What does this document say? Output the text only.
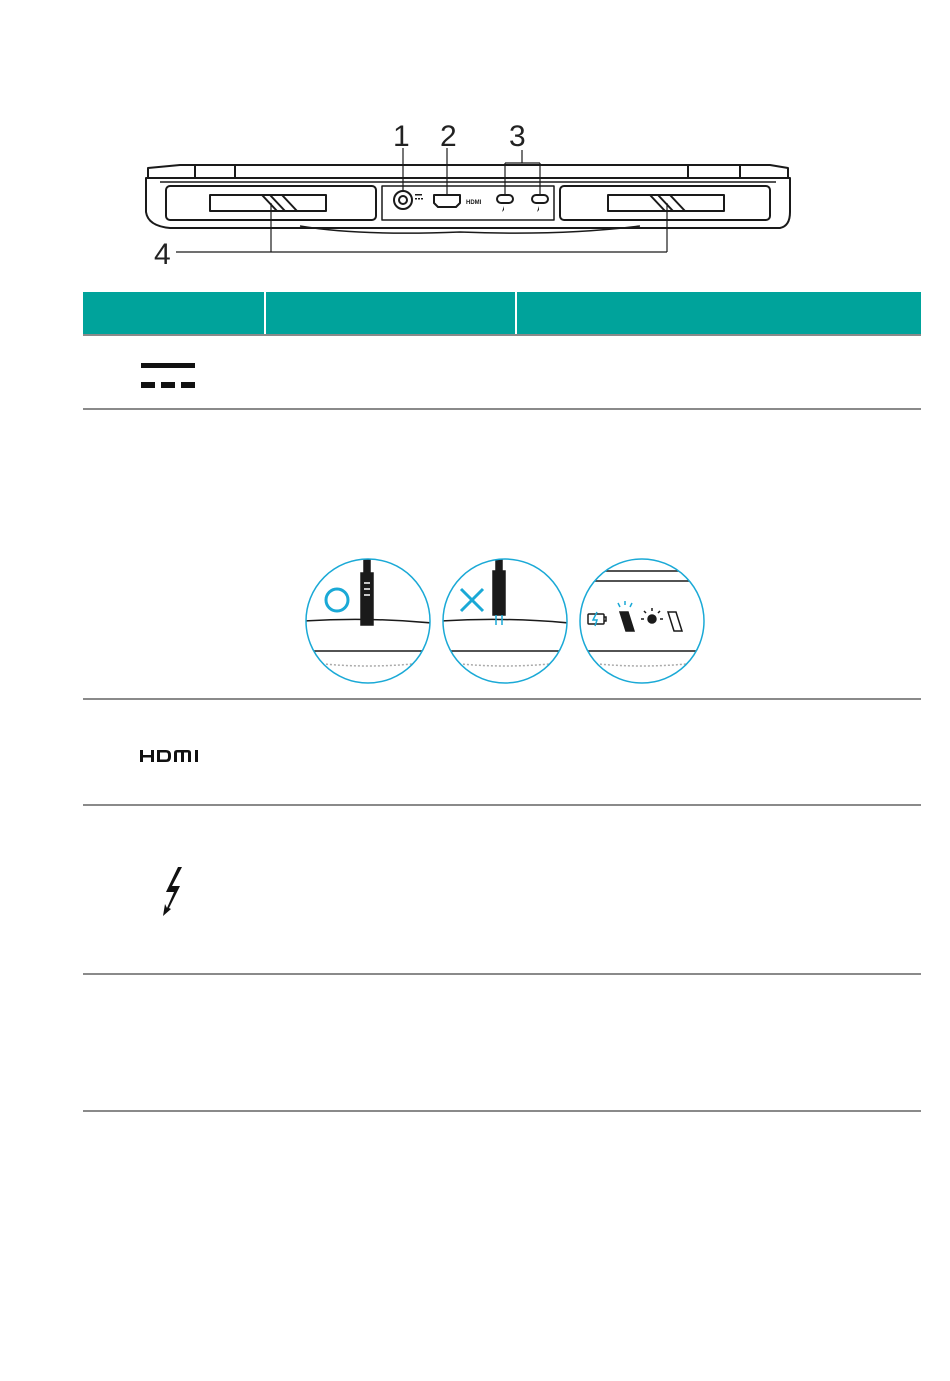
1 2 3
4
HDMI
